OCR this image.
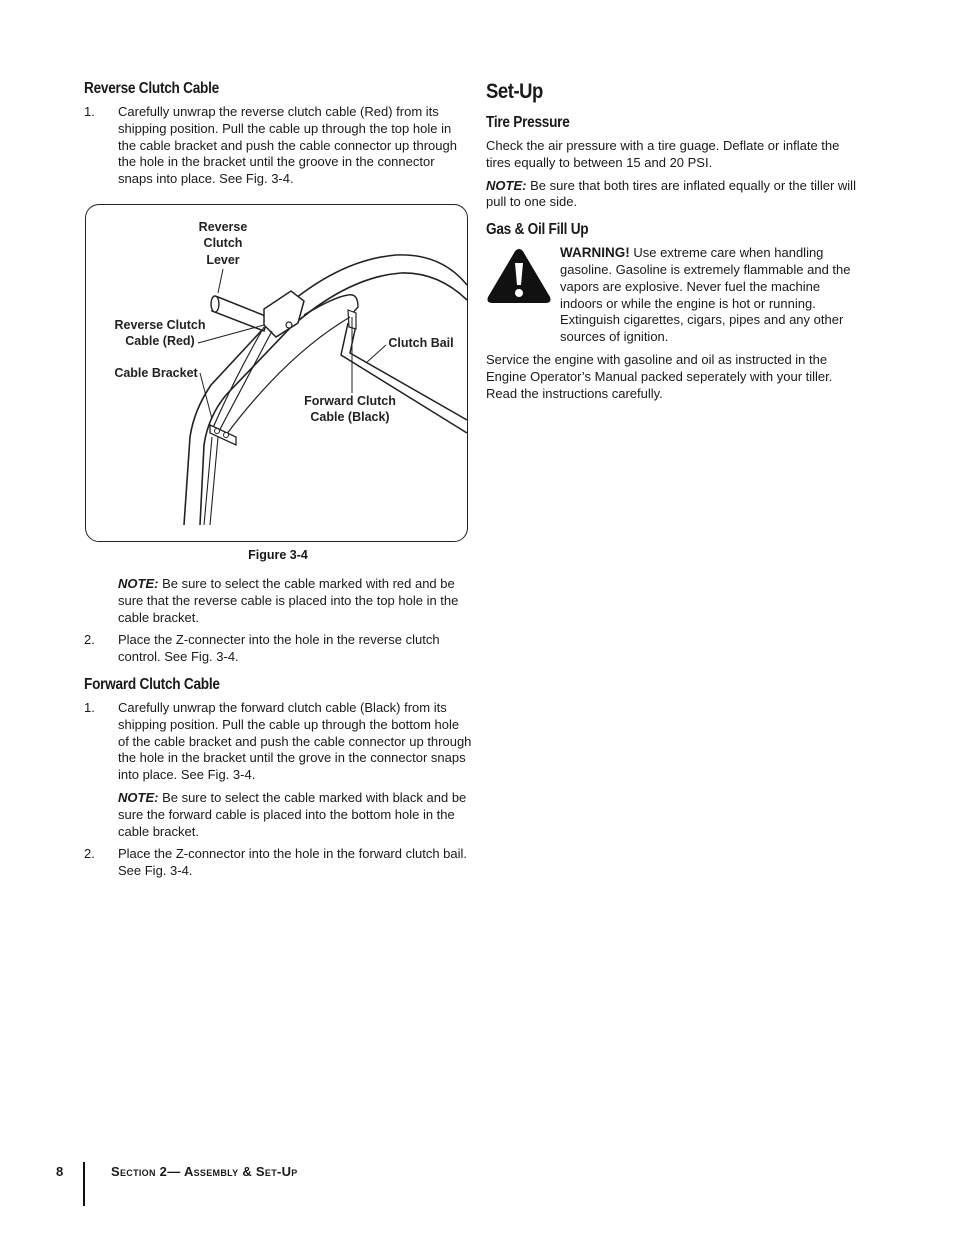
Reverse Clutch Cable
1. Carefully unwrap the reverse clutch cable (Red) from its shipping position. Pull the cable up through the top hole in the cable bracket and push the cable connector up through the hole in the bracket until the groove in the connector snaps into place. See Fig. 3-4.
Reverse
Clutch
Lever
Reverse Clutch
Cable (Red)
Cable Bracket
Clutch Bail
Forward Clutch
Cable (Black)
Figure 3-4
NOTE: Be sure to select the cable marked with red and be sure that the reverse cable is placed into the top hole in the cable bracket.
2. Place the Z-connecter into the hole in the reverse clutch control. See Fig. 3-4.
Forward Clutch Cable
1. Carefully unwrap the forward clutch cable (Black) from its shipping position. Pull the cable up through the bottom hole of the cable bracket and push the cable connector up through the hole in the bracket until the grove in the connector snaps into place. See Fig. 3-4.
NOTE: Be sure to select the cable marked with black and be sure the forward cable is placed into the bottom hole in the cable bracket.
2. Place the Z-connector into the hole in the forward clutch bail. See Fig. 3-4.
Set-Up
Tire Pressure

Check the air pressure with a tire guage. Deflate or inflate the tires equally to between 15 and 20 PSI.

NOTE: Be sure that both tires are inflated equally or the tiller will pull to one side.

Gas & Oil Fill Up

WARNING! Use extreme care when handling gasoline. Gasoline is extremely flammable and the vapors are explosive. Never fuel the machine indoors or while the engine is hot or running. Extinguish cigarettes, cigars, pipes and any other sources of ignition.

Service the engine with gasoline and oil as instructed in the Engine Operator’s Manual packed seperately with your tiller. Read the instructions carefully.

8	Section 2— Assembly & Set-Up
